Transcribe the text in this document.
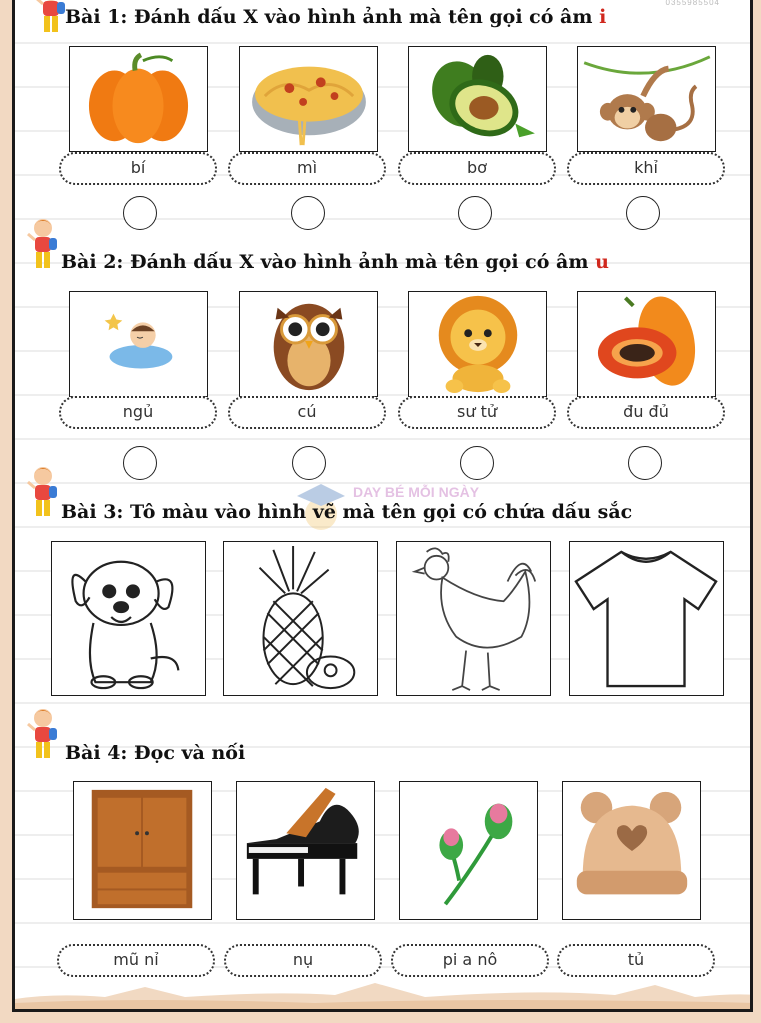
0355985504
Bài 1: Đánh dấu X vào hình ảnh mà tên gọi có âm i
bí	mì	bơ	khỉ
Bài 2: Đánh dấu X vào hình ảnh mà tên gọi có âm u
ngủ	cú	sư tử	đu đủ
DAY BÉ MỖI NGÀY
Bài 3: Tô màu vào hình vẽ mà tên gọi có chứa dấu sắc
Bài 4: Đọc và nối
mũ nỉ	nụ	pi a nô	tủ
